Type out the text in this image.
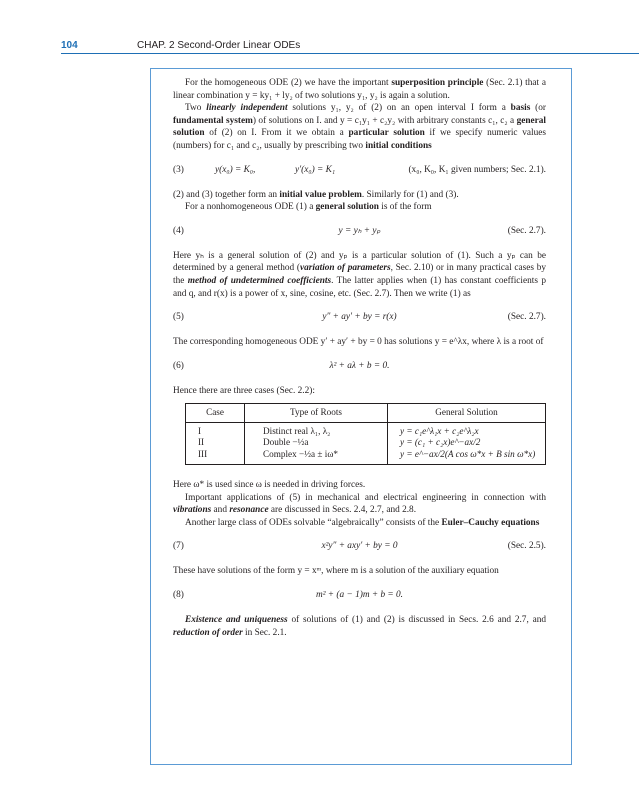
104	CHAP. 2 Second-Order Linear ODEs

For the homogeneous ODE (2) we have the important superposition principle (Sec. 2.1) that a linear combination y = ky₁ + ly₂ of two solutions y₁, y₂ is again a solution.

Two linearly independent solutions y₁, y₂ of (2) on an open interval I form a basis (or fundamental system) of solutions on I. and y = c₁y₁ + c₂y₂ with arbitrary constants c₁, c₂ a general solution of (2) on I. From it we obtain a particular solution if we specify numeric values (numbers) for c₁ and c₂, usually by prescribing two initial conditions

(3)	y(x₀) = K₀,	y′(x₀) = K₁	(x₀, K₀, K₁ given numbers; Sec. 2.1).

(2) and (3) together form an initial value problem. Similarly for (1) and (3).

For a nonhomogeneous ODE (1) a general solution is of the form

(4)	y = yₕ + yₚ	(Sec. 2.7).

Here yₕ is a general solution of (2) and yₚ is a particular solution of (1). Such a yₚ can be determined by a general method (variation of parameters, Sec. 2.10) or in many practical cases by the method of undetermined coefficients. The latter applies when (1) has constant coefficients p and q, and r(x) is a power of x, sine, cosine, etc. (Sec. 2.7). Then we write (1) as

(5)	y″ + ay′ + by = r(x)	(Sec. 2.7).

The corresponding homogeneous ODE y′ + ay′ + by = 0 has solutions y = e^λx, where λ is a root of

(6)	λ² + aλ + b = 0.

Hence there are three cases (Sec. 2.2):

Case	Type of Roots	General Solution
I	Distinct real λ₁, λ₂	y = c₁e^λ₁x + c₂e^λ₂x
II	Double −½a	y = (c₁ + c₂x)e^−ax/2
III	Complex −½a ± iω*	y = e^−ax/2(A cos ω*x + B sin ω*x)

Here ω* is used since ω is needed in driving forces.

Important applications of (5) in mechanical and electrical engineering in connection with vibrations and resonance are discussed in Secs. 2.4, 2.7, and 2.8.

Another large class of ODEs solvable “algebraically” consists of the Euler–Cauchy equations

(7)	x²y″ + axy′ + by = 0	(Sec. 2.5).

These have solutions of the form y = xᵐ, where m is a solution of the auxiliary equation

(8)	m² + (a − 1)m + b = 0.

Existence and uniqueness of solutions of (1) and (2) is discussed in Secs. 2.6 and 2.7, and reduction of order in Sec. 2.1.
